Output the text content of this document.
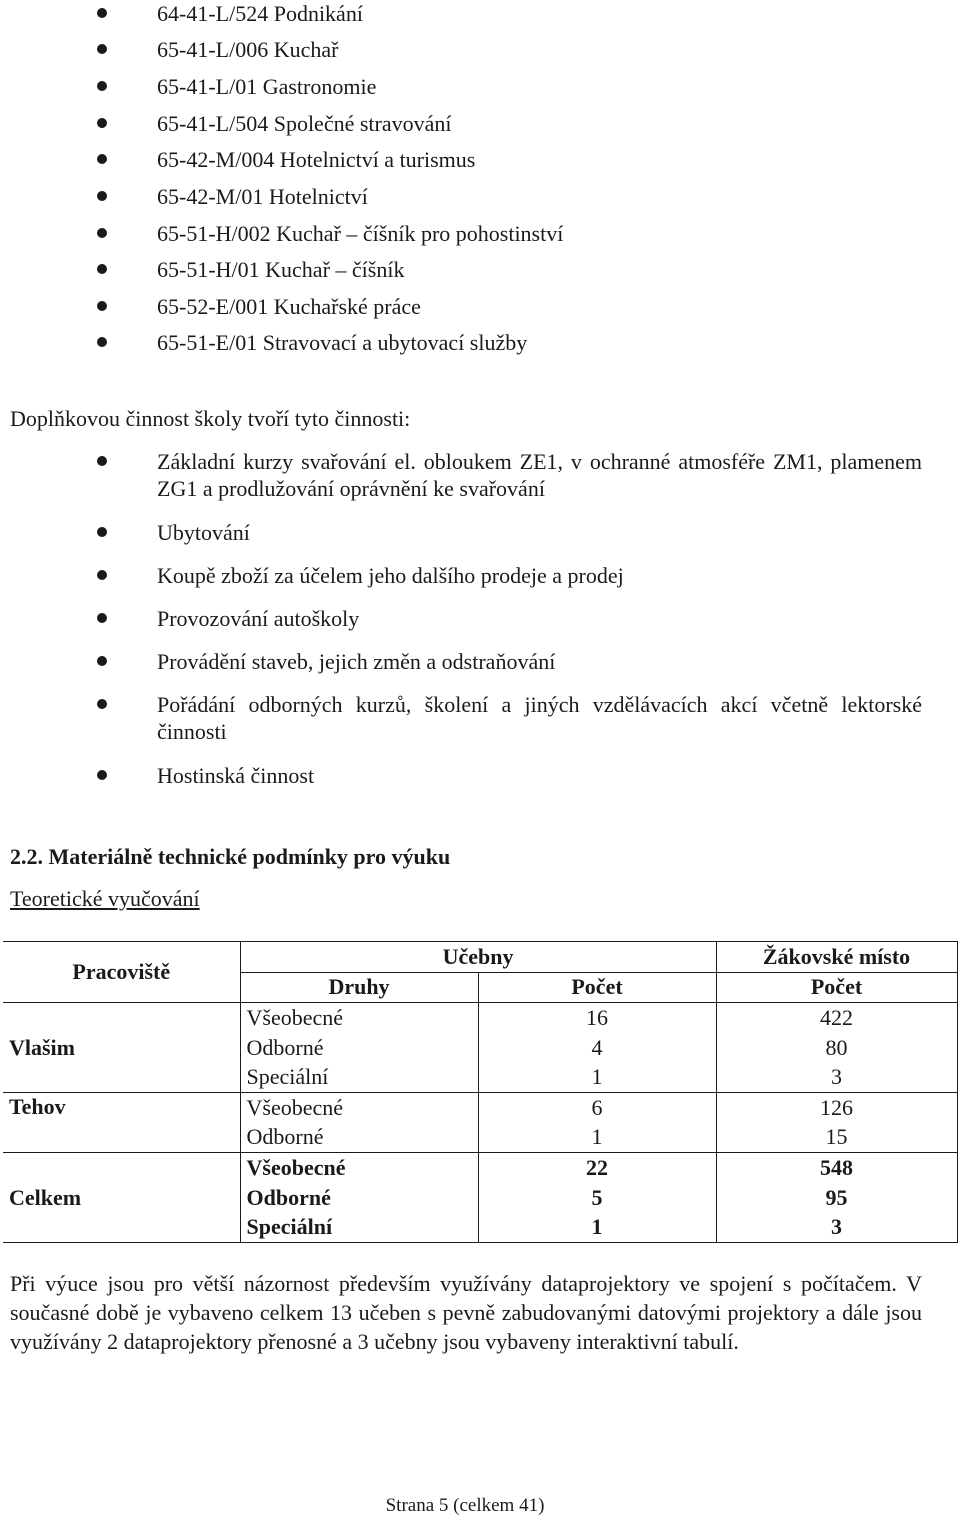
64-41-L/524 Podnikání
65-41-L/006 Kuchař
65-41-L/01 Gastronomie
65-41-L/504 Společné stravování
65-42-M/004 Hotelnictví a turismus
65-42-M/01 Hotelnictví
65-51-H/002 Kuchař – číšník pro pohostinství
65-51-H/01 Kuchař – číšník
65-52-E/001 Kuchařské práce
65-51-E/01 Stravovací a ubytovací služby

Doplňkovou činnost školy tvoří tyto činnosti:

Základní kurzy svařování el. obloukem ZE1, v ochranné atmosféře ZM1, plamenem ZG1 a prodlužování oprávnění ke svařování
Ubytování
Koupě zboží za účelem jeho dalšího prodeje a prodej
Provozování autoškoly
Provádění staveb, jejich změn a odstraňování
Pořádání odborných kurzů, školení a jiných vzdělávacích akcí včetně lektorské činnosti
Hostinská činnost

2.2. Materiálně technické podmínky pro výuku

Teoretické vyučování

Pracoviště	Učebny		Žákovské místo
	Druhy	Počet	Počet
Vlašim	Všeobecné	16	422
	Odborné	4	80
	Speciální	1	3
Tehov	Všeobecné	6	126
	Odborné	1	15
Celkem	Všeobecné	22	548
	Odborné	5	95
	Speciální	1	3

Při výuce jsou pro větší názornost především využívány dataprojektory ve spojení s počítačem. V současné době je vybaveno celkem 13 učeben s pevně zabudovanými datovými projektory a dále jsou využívány 2 dataprojektory přenosné a 3 učebny jsou vybaveny interaktivní tabulí.

Strana 5 (celkem 41)
